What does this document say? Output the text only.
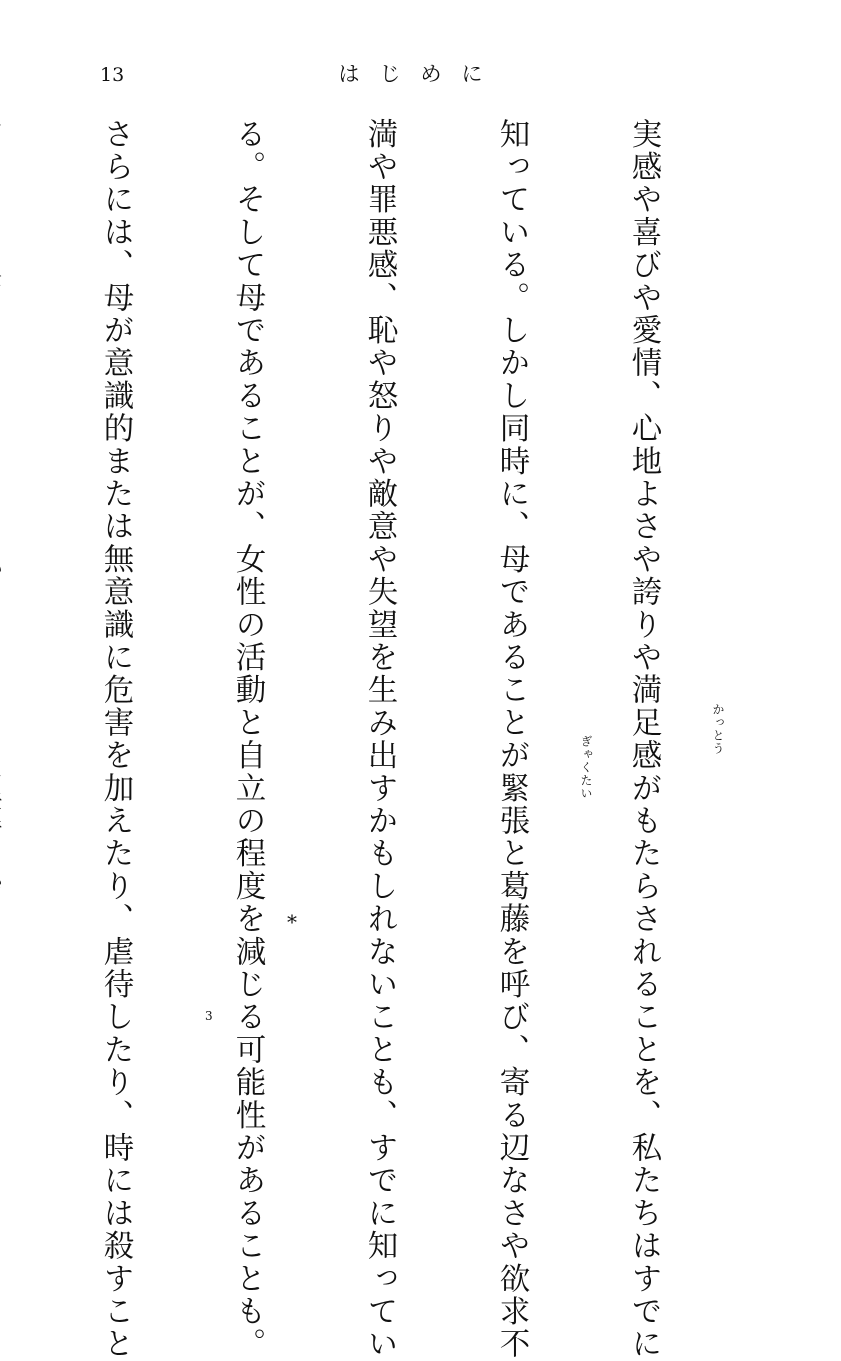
13	はじめに

実感や喜びや愛情、心地よさや誇りや満足感がもたらされることを、私たちはすでに

知っている。しかし同時に、母であることが緊張と葛藤を呼び、寄る辺なさや欲求不

満や罪悪感、恥や怒りや敵意や失望を生み出すかもしれないことも、すでに知ってい

る。そして母であることが、女性の活動と自立の程度を減じる可能性があることも。

さらには、母が意識的または無意識に危害を加えたり、虐待したり、時には殺すこと

	かっとう
ぎゃくたい
*
3
